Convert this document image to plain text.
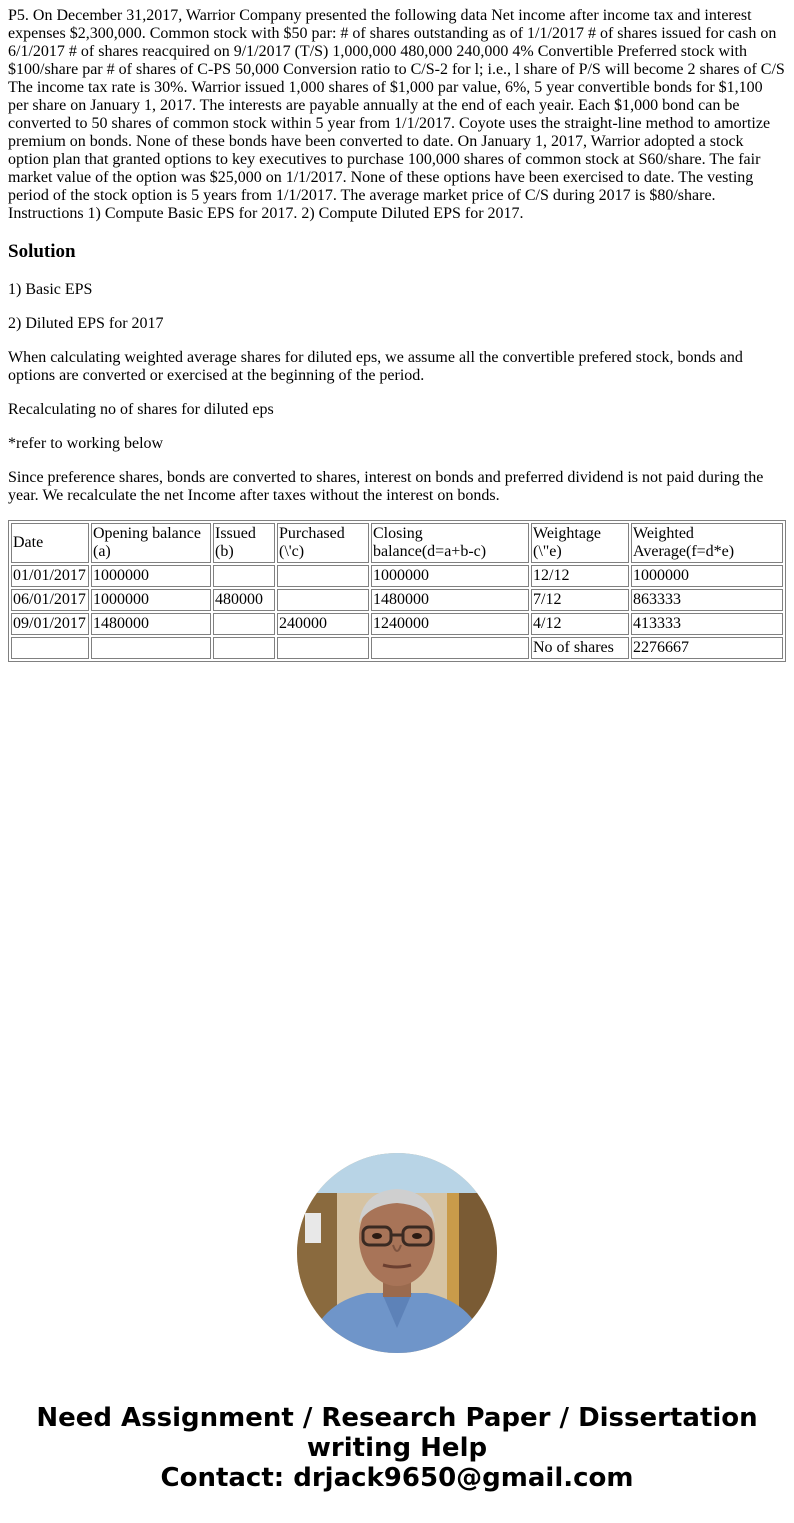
P5. On December 31,2017, Warrior Company presented the following data Net income after income tax and interest expenses $2,300,000. Common stock with $50 par: # of shares outstanding as of 1/1/2017 # of shares issued for cash on 6/1/2017 # of shares reacquired on 9/1/2017 (T/S) 1,000,000 480,000 240,000 4% Convertible Preferred stock with $100/share par # of shares of C-PS 50,000 Conversion ratio to C/S-2 for l; i.e., l share of P/S will become 2 shares of C/S The income tax rate is 30%. Warrior issued 1,000 shares of $1,000 par value, 6%, 5 year convertible bonds for $1,100 per share on January 1, 2017. The interests are payable annually at the end of each yeair. Each $1,000 bond can be converted to 50 shares of common stock within 5 year from 1/1/2017. Coyote uses the straight-line method to amortize premium on bonds. None of these bonds have been converted to date. On January 1, 2017, Warrior adopted a stock option plan that granted options to key executives to purchase 100,000 shares of common stock at S60/share. The fair market value of the option was $25,000 on 1/1/2017. None of these options have been exercised to date. The vesting period of the stock option is 5 years from 1/1/2017. The average market price of C/S during 2017 is $80/share. Instructions 1) Compute Basic EPS for 2017. 2) Compute Diluted EPS for 2017.

Solution

1) Basic EPS

2) Diluted EPS for 2017

When calculating weighted average shares for diluted eps, we assume all the convertible prefered stock, bonds and options are converted or exercised at the beginning of the period.

Recalculating no of shares for diluted eps

*refer to working below

Since preference shares, bonds are converted to shares, interest on bonds and preferred dividend is not paid during the year. We recalculate the net Income after taxes without the interest on bonds.

Date	Opening balance (a)	Issued (b)	Purchased (\'c)	Closing balance(d=a+b-c)	Weightage (\"e)	Weighted Average(f=d*e)
01/01/2017	1000000			1000000	12/12	1000000
06/01/2017	1000000	480000		1480000	7/12	863333
09/01/2017	1480000		240000	1240000	4/12	413333
					No of shares	2276667
Need Assignment / Research Paper / Dissertation
writing Help
Contact: drjack9650@gmail.com
